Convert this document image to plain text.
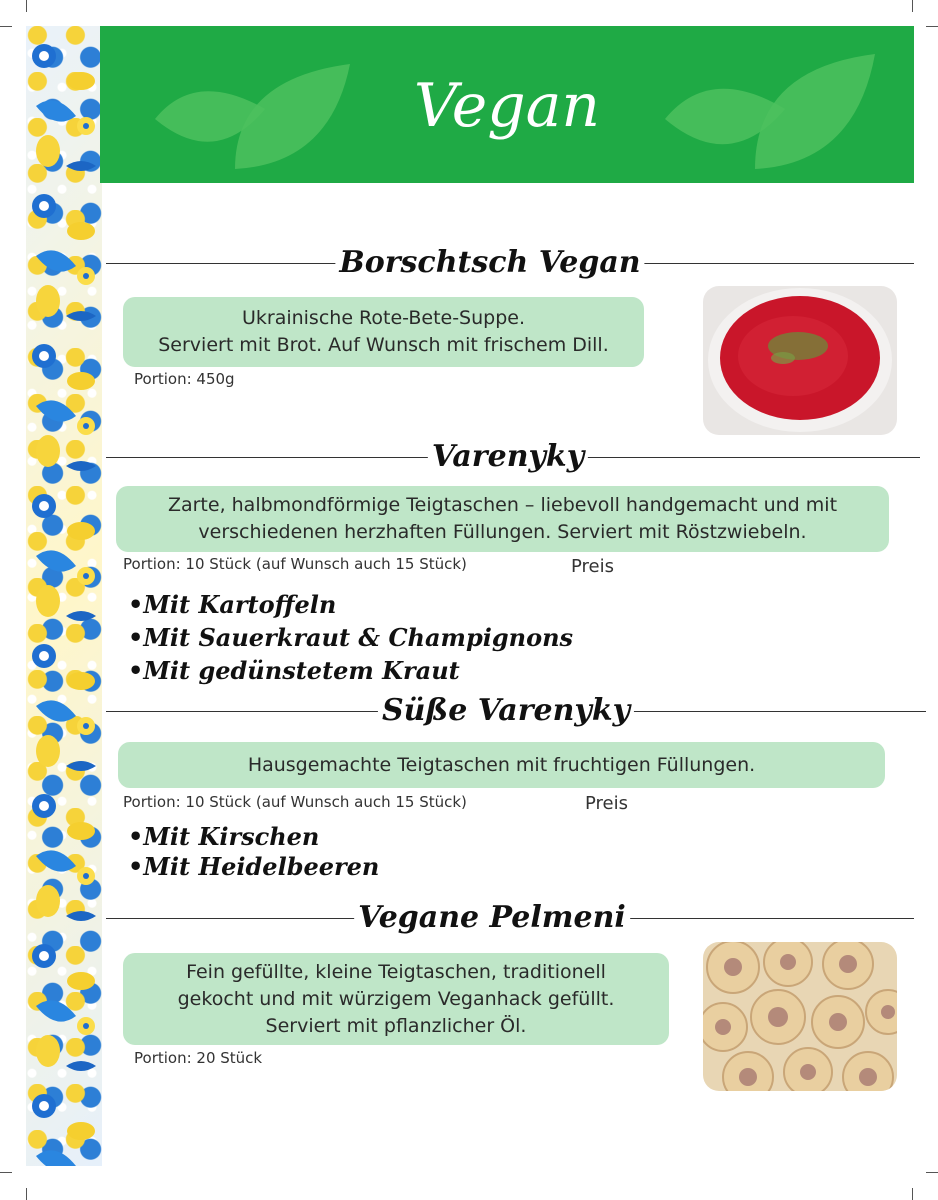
Vegan
Borschtsch Vegan
Ukrainische Rote-Bete-Suppe.
Serviert mit Brot. Auf Wunsch mit frischem Dill.
Portion: 450g
Varenyky
Zarte, halbmondförmige Teigtaschen – liebevoll handgemacht und mit
verschiedenen herzhaften Füllungen. Serviert mit Röstzwiebeln.
Portion: 10 Stück (auf Wunsch auch 15 Stück)	Preis
•Mit Kartoffeln
•Mit Sauerkraut & Champignons
•Mit gedünstetem Kraut
Süße Varenyky
Hausgemachte Teigtaschen mit fruchtigen Füllungen.
Portion: 10 Stück (auf Wunsch auch 15 Stück)	Preis
•Mit Kirschen
•Mit Heidelbeeren
Vegane Pelmeni
Fein gefüllte, kleine Teigtaschen, traditionell
gekocht und mit würzigem Veganhack gefüllt.
Serviert mit pflanzlicher Öl.
Portion: 20 Stück
